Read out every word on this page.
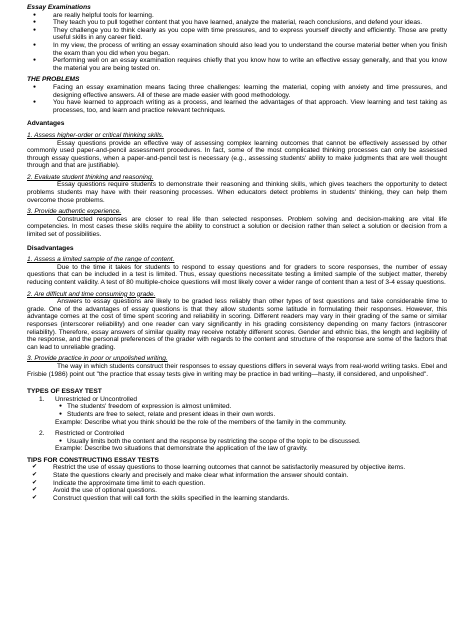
Essay Examinations

● are really helpful tools for learning.
● They teach you to pull together content that you have learned, analyze the material, reach conclusions, and defend your ideas.
● They challenge you to think clearly as you cope with time pressures, and to express yourself directly and efficiently. Those are pretty useful skills in any career field.
● In my view, the process of writing an essay examination should also lead you to understand the course material better when you finish the exam than you did when you began.
● Performing well on an essay examination requires chiefly that you know how to write an effective essay generally, and that you know the material you are being tested on.

THE PROBLEMS

● Facing an essay examination means facing three challenges: learning the material, coping with anxiety and time pressures, and designing effective answers. All of these are made easier with good methodology.
● You have learned to approach writing as a process, and learned the advantages of that approach. View learning and test taking as processes, too, and learn and practice relevant techniques.

Advantages

1. Assess higher-order or critical thinking skills.

Essay questions provide an effective way of assessing complex learning outcomes that cannot be effectively assessed by other commonly used paper-and-pencil assessment procedures. In fact, some of the most complicated thinking processes can only be assessed through essay questions, when a paper-and-pencil test is necessary (e.g., assessing students' ability to make judgments that are well thought through and that are justifiable).

2. Evaluate student thinking and reasoning.

Essay questions require students to demonstrate their reasoning and thinking skills, which gives teachers the opportunity to detect problems students may have with their reasoning processes. When educators detect problems in students' thinking, they can help them overcome those problems.

3. Provide authentic experience.

Constructed responses are closer to real life than selected responses. Problem solving and decision-making are vital life competencies. In most cases these skills require the ability to construct a solution or decision rather than select a solution or decision from a limited set of possibilities.

Disadvantages

1. Assess a limited sample of the range of content.

Due to the time it takes for students to respond to essay questions and for graders to score responses, the number of essay questions that can be included in a test is limited. Thus, essay questions necessitate testing a limited sample of the subject matter, thereby reducing content validity. A test of 80 multiple-choice questions will most likely cover a wider range of content than a test of 3-4 essay questions.

2. Are difficult and time consuming to grade.

Answers to essay questions are likely to be graded less reliably than other types of test questions and take considerable time to grade. One of the advantages of essay questions is that they allow students some latitude in formulating their responses. However, this advantage comes at the cost of time spent scoring and reliability in scoring. Different readers may vary in their grading of the same or similar responses (interscorer reliability) and one reader can vary significantly in his grading consistency depending on many factors (intrascorer reliability). Therefore, essay answers of similar quality may receive notably different scores. Gender and ethnic bias, the length and legibility of the response, and the personal preferences of the grader with regards to the content and structure of the response are some of the factors that can lead to unreliable grading.

3. Provide practice in poor or unpolished writing.

The way in which students construct their responses to essay questions differs in several ways from real-world writing tasks. Ebel and Frisbie (1986) point out "the practice that essay tests give in writing may be practice in bad writing—hasty, ill considered, and unpolished".

TYPES OF ESSAY TEST

1. Unrestricted or Uncontrolled
● The students' freedom of expression is almost unlimited.
● Students are free to select, relate and present ideas in their own words.

Example: Describe what you think should be the role of the members of the family in the community.

2. Restricted or Controlled
● Usually limits both the content and the response by restricting the scope of the topic to be discussed.

Example: Describe two situations that demonstrate the application of the law of gravity.

TIPS FOR CONSTRUCTING ESSAY TESTS

✔ Restrict the use of essay questions to those learning outcomes that cannot be satisfactorily measured by objective items.
✔ State the questions clearly and precisely and make clear what information the answer should contain.
✔ Indicate the approximate time limit to each question.
✔ Avoid the use of optional questions.
✔ Construct question that will call forth the skills specified in the learning standards.
